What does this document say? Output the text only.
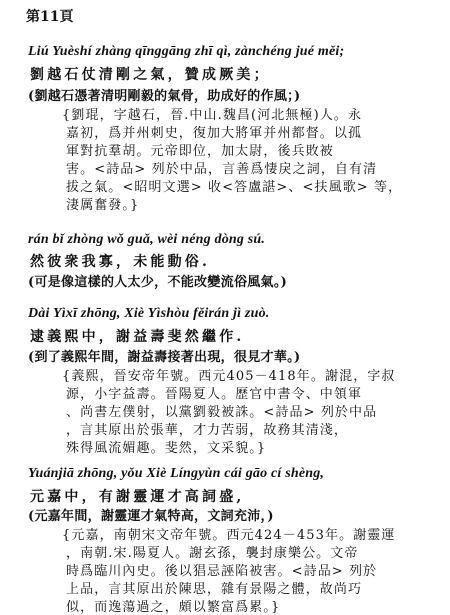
第11頁
Liú Yuèshí zhàng qīnggāng zhī qì, zànchéng jué měi;
劉越石仗清剛之氣，贊成厥美；
(劉越石憑著清明剛毅的氣骨，助成好的作風；)
{劉琨，字越石，晉.中山.魏昌(河北無極)人。永
嘉初，爲并州刺史，復加大將軍并州都督。以孤
軍對抗羣胡。元帝即位，加太尉，後兵敗被
害。<詩品> 列於中品，言善爲悽戾之詞，自有清
拔之氣。<昭明文選> 收<答盧諶>、<扶風歌> 等，
淒厲奮發。}
rán bǐ zhòng wǒ guǎ, wèi néng dòng sú.
然彼衆我寡，未能動俗.
(可是像這樣的人太少，不能改變流俗風氣。)
Dài Yìxī zhōng, Xiè Yìshòu fěirán jì zuò.
逮義熙中，謝益壽斐然繼作.
(到了義熙年間，謝益壽接著出現，很見才華。)
{義熙，晉安帝年號。西元405－418年。謝混，字叔
源，小字益壽。晉陽夏人。歷官中書令、中領軍
、尚書左僕射，以黨劉毅被誅。<詩品> 列於中品
，言其原出於張華，才力苦弱，故務其清淺，
殊得風流媚趣。斐然，文采貌。}
Yuánjiā zhōng, yǒu Xiè Língyùn cái gāo cí shèng,
元嘉中，有謝靈運才高詞盛,
(元嘉年間，謝靈運才氣特高，文詞充沛，)
{元嘉，南朝宋文帝年號。西元424－453年。謝靈運
，南朝.宋.陽夏人。謝玄孫，襲封康樂公。文帝
時爲臨川內史。後以猖忌誣陷被害。<詩品> 列於
上品，言其原出於陳思，雜有景陽之體，故尚巧
似，而逸蕩過之，頗以繁富爲累。}
